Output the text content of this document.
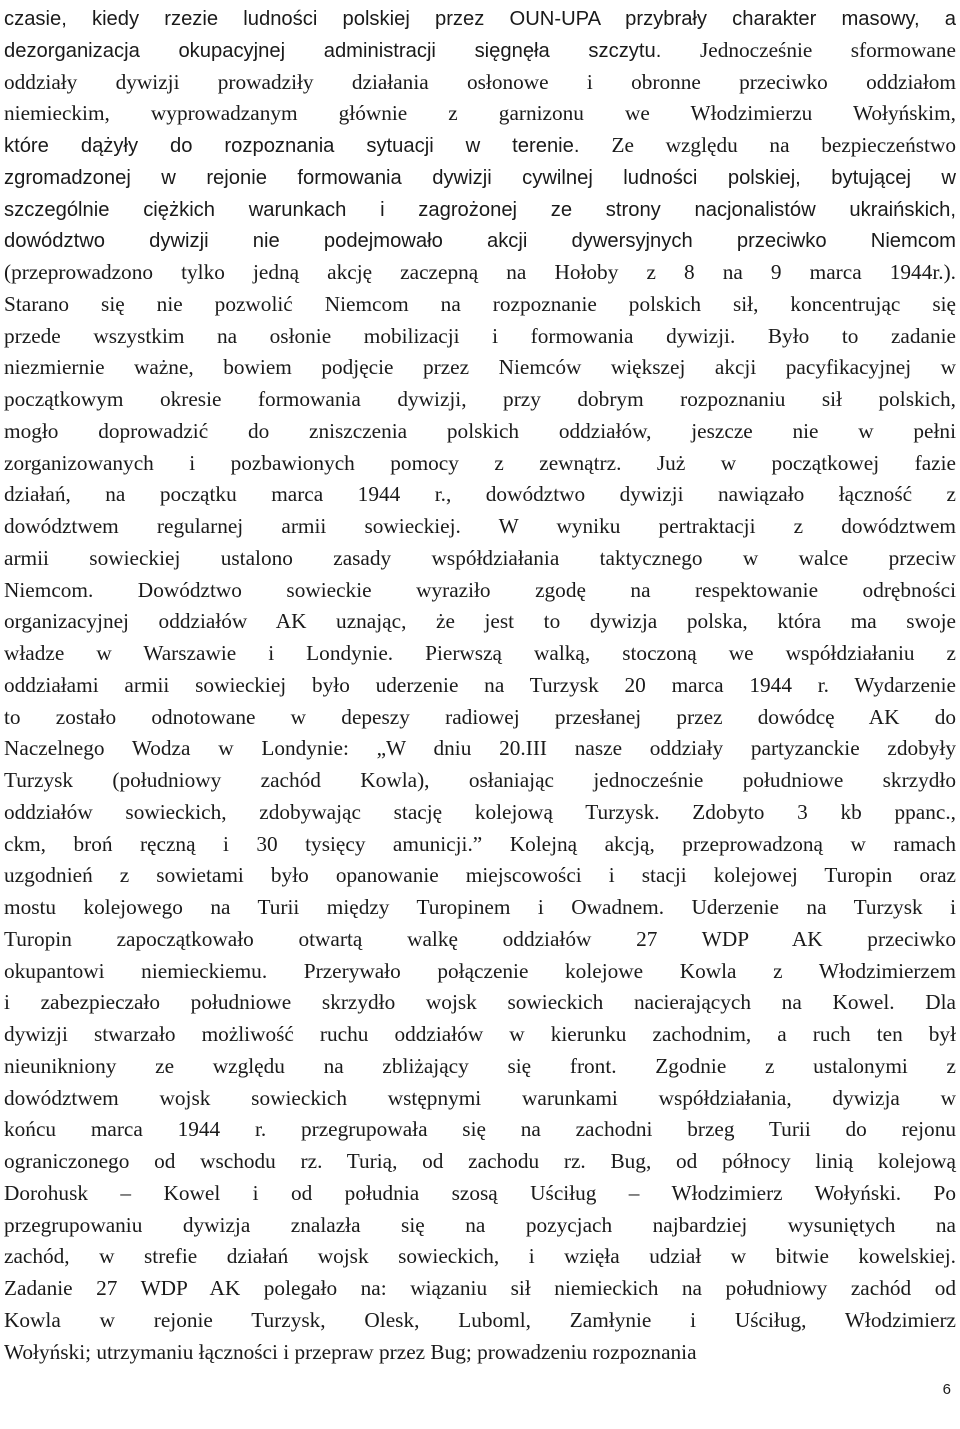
czasie, kiedy rzezie ludności polskiej przez OUN-UPA przybrały charakter masowy, a
dezorganizacja okupacyjnej administracji sięgnęła szczytu. Jednocześnie sformowane
oddziały dywizji prowadziły działania osłonowe i obronne przeciwko oddziałom
niemieckim, wyprowadzanym głównie z garnizonu we Włodzimierzu Wołyńskim,
które dążyły do rozpoznania sytuacji w terenie. Ze względu na bezpieczeństwo
zgromadzonej w rejonie formowania dywizji cywilnej ludności polskiej, bytującej w
szczególnie ciężkich warunkach i zagrożonej ze strony nacjonalistów ukraińskich,
dowództwo dywizji nie podejmowało akcji dywersyjnych przeciwko Niemcom
(przeprowadzono tylko jedną akcję zaczepną na Hołoby z 8 na 9 marca 1944r.).
Starano się nie pozwolić Niemcom na rozpoznanie polskich sił, koncentrując się
przede wszystkim na osłonie mobilizacji i formowania dywizji. Było to zadanie
niezmiernie ważne, bowiem podjęcie przez Niemców większej akcji pacyfikacyjnej w
początkowym okresie formowania dywizji, przy dobrym rozpoznaniu sił polskich,
mogło doprowadzić do zniszczenia polskich oddziałów, jeszcze nie w pełni
zorganizowanych i pozbawionych pomocy z zewnątrz. Już w początkowej fazie
działań, na początku marca 1944 r., dowództwo dywizji nawiązało łączność z
dowództwem regularnej armii sowieckiej. W wyniku pertraktacji z dowództwem
armii sowieckiej ustalono zasady współdziałania taktycznego w walce przeciw
Niemcom. Dowództwo sowieckie wyraziło zgodę na respektowanie odrębności
organizacyjnej oddziałów AK uznając, że jest to dywizja polska, która ma swoje
władze w Warszawie i Londynie. Pierwszą walką, stoczoną we współdziałaniu z
oddziałami armii sowieckiej było uderzenie na Turzysk 20 marca 1944 r. Wydarzenie
to zostało odnotowane w depeszy radiowej przesłanej przez dowódcę AK do
Naczelnego Wodza w Londynie: „W dniu 20.III nasze oddziały partyzanckie zdobyły
Turzysk (południowy zachód Kowla), osłaniając jednocześnie południowe skrzydło
oddziałów sowieckich, zdobywając stację kolejową Turzysk. Zdobyto 3 kb ppanc.,
ckm, broń ręczną i 30 tysięcy amunicji.” Kolejną akcją, przeprowadzoną w ramach
uzgodnień z sowietami było opanowanie miejscowości i stacji kolejowej Turopin oraz
mostu kolejowego na Turii między Turopinem i Owadnem. Uderzenie na Turzysk i
Turopin zapoczątkowało otwartą walkę oddziałów 27 WDP AK przeciwko
okupantowi niemieckiemu. Przerywało połączenie kolejowe Kowla z Włodzimierzem
i zabezpieczało południowe skrzydło wojsk sowieckich nacierających na Kowel. Dla
dywizji stwarzało możliwość ruchu oddziałów w kierunku zachodnim, a ruch ten był
nieunikniony ze względu na zbliżający się front. Zgodnie z ustalonymi z
dowództwem wojsk sowieckich wstępnymi warunkami współdziałania, dywizja w
końcu marca 1944 r. przegrupowała się na zachodni brzeg Turii do rejonu
ograniczonego od wschodu rz. Turią, od zachodu rz. Bug, od północy linią kolejową
Dorohusk – Kowel i od południa szosą Uściług – Włodzimierz Wołyński. Po
przegrupowaniu dywizja znalazła się na pozycjach najbardziej wysuniętych na
zachód, w strefie działań wojsk sowieckich, i wzięła udział w bitwie kowelskiej.
Zadanie 27 WDP AK polegało na: wiązaniu sił niemieckich na południowy zachód od
Kowla w rejonie Turzysk, Olesk, Luboml, Zamłynie i Uściług, Włodzimierz
Wołyński; utrzymaniu łączności i przepraw przez Bug; prowadzeniu rozpoznania
6
